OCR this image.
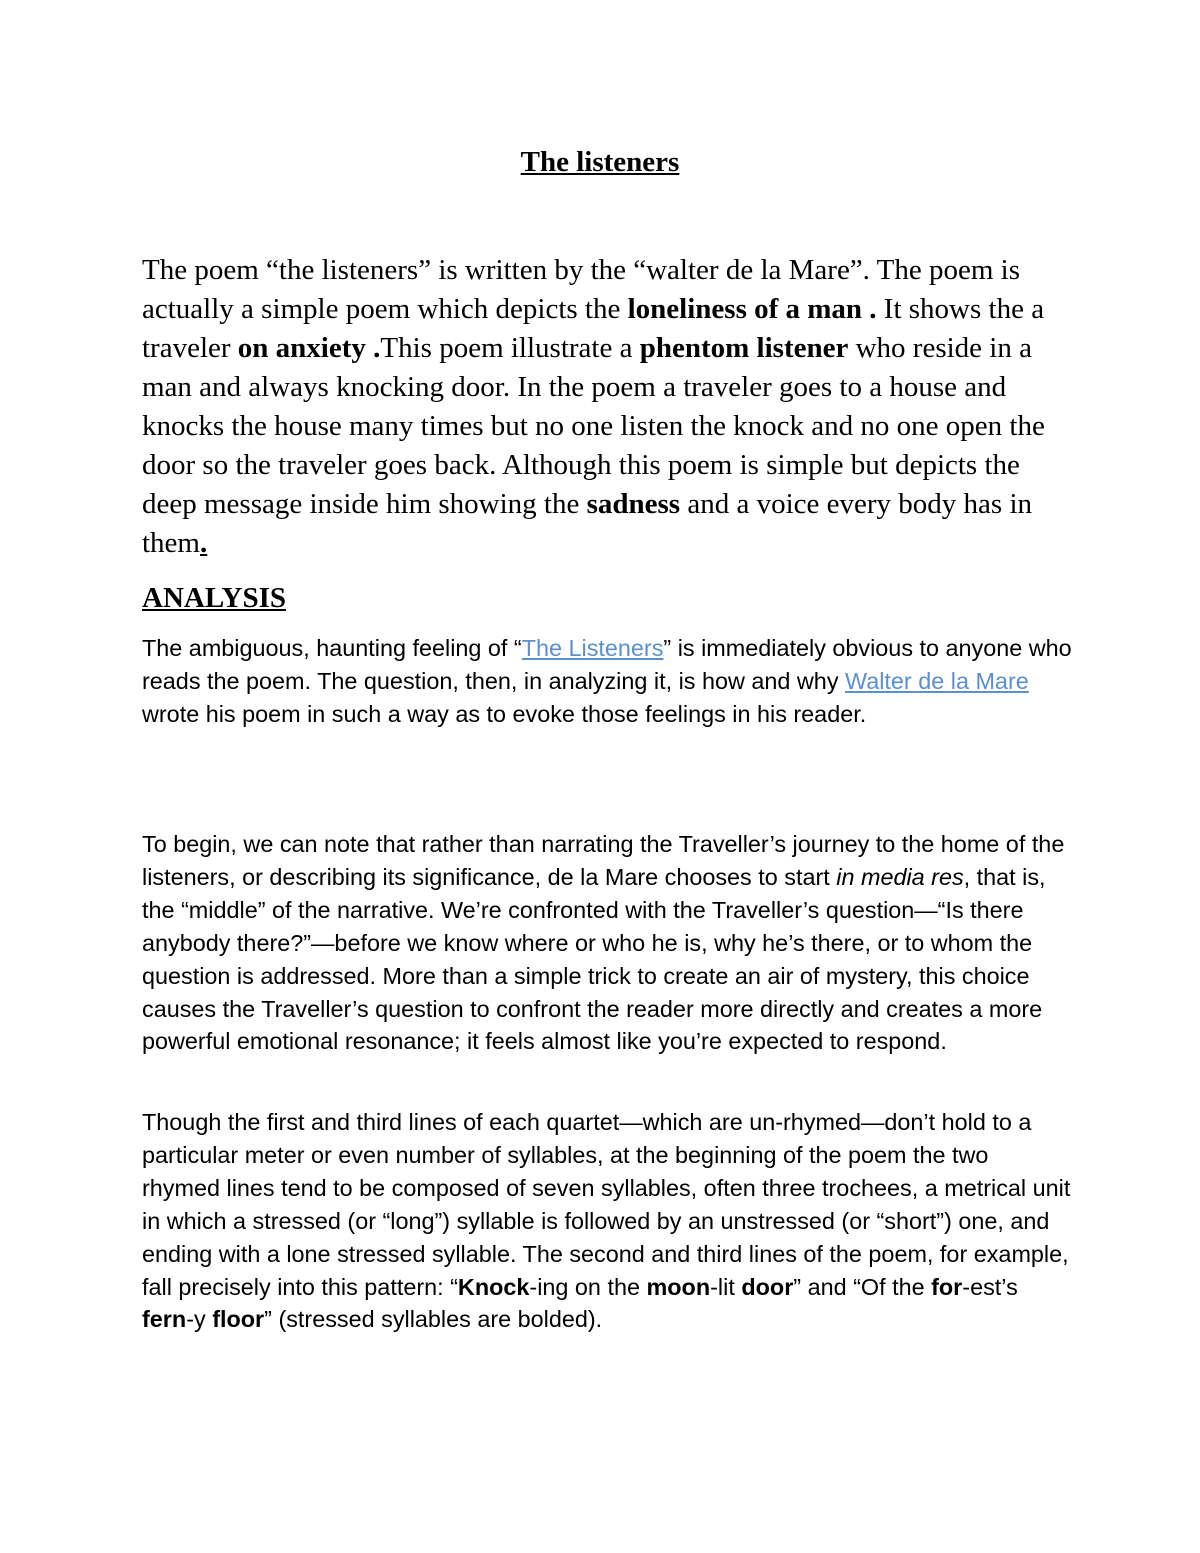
The listeners

The poem “the listeners” is written by the “walter de la Mare”. The poem is actually a simple poem which depicts the loneliness of a man . It shows the a traveler on anxiety .This poem illustrate a phentom listener who reside in a man and always knocking door. In the poem a traveler goes to a house and knocks the house many times but no one listen the knock and no one open the door so the traveler goes back. Although this poem is simple but depicts the deep message inside him showing the sadness and a voice every body has in them.

ANALYSIS

The ambiguous, haunting feeling of “The Listeners” is immediately obvious to anyone who reads the poem. The question, then, in analyzing it, is how and why Walter de la Mare wrote his poem in such a way as to evoke those feelings in his reader.

To begin, we can note that rather than narrating the Traveller’s journey to the home of the listeners, or describing its significance, de la Mare chooses to start in media res, that is, the “middle” of the narrative. We’re confronted with the Traveller’s question—“Is there anybody there?”—before we know where or who he is, why he’s there, or to whom the question is addressed. More than a simple trick to create an air of mystery, this choice causes the Traveller’s question to confront the reader more directly and creates a more powerful emotional resonance; it feels almost like you’re expected to respond.

Though the first and third lines of each quartet—which are un-rhymed—don’t hold to a particular meter or even number of syllables, at the beginning of the poem the two rhymed lines tend to be composed of seven syllables, often three trochees, a metrical unit in which a stressed (or “long”) syllable is followed by an unstressed (or “short”) one, and ending with a lone stressed syllable. The second and third lines of the poem, for example, fall precisely into this pattern: “Knock-ing on the moon-lit door” and “Of the for-est’s fern-y floor” (stressed syllables are bolded).
